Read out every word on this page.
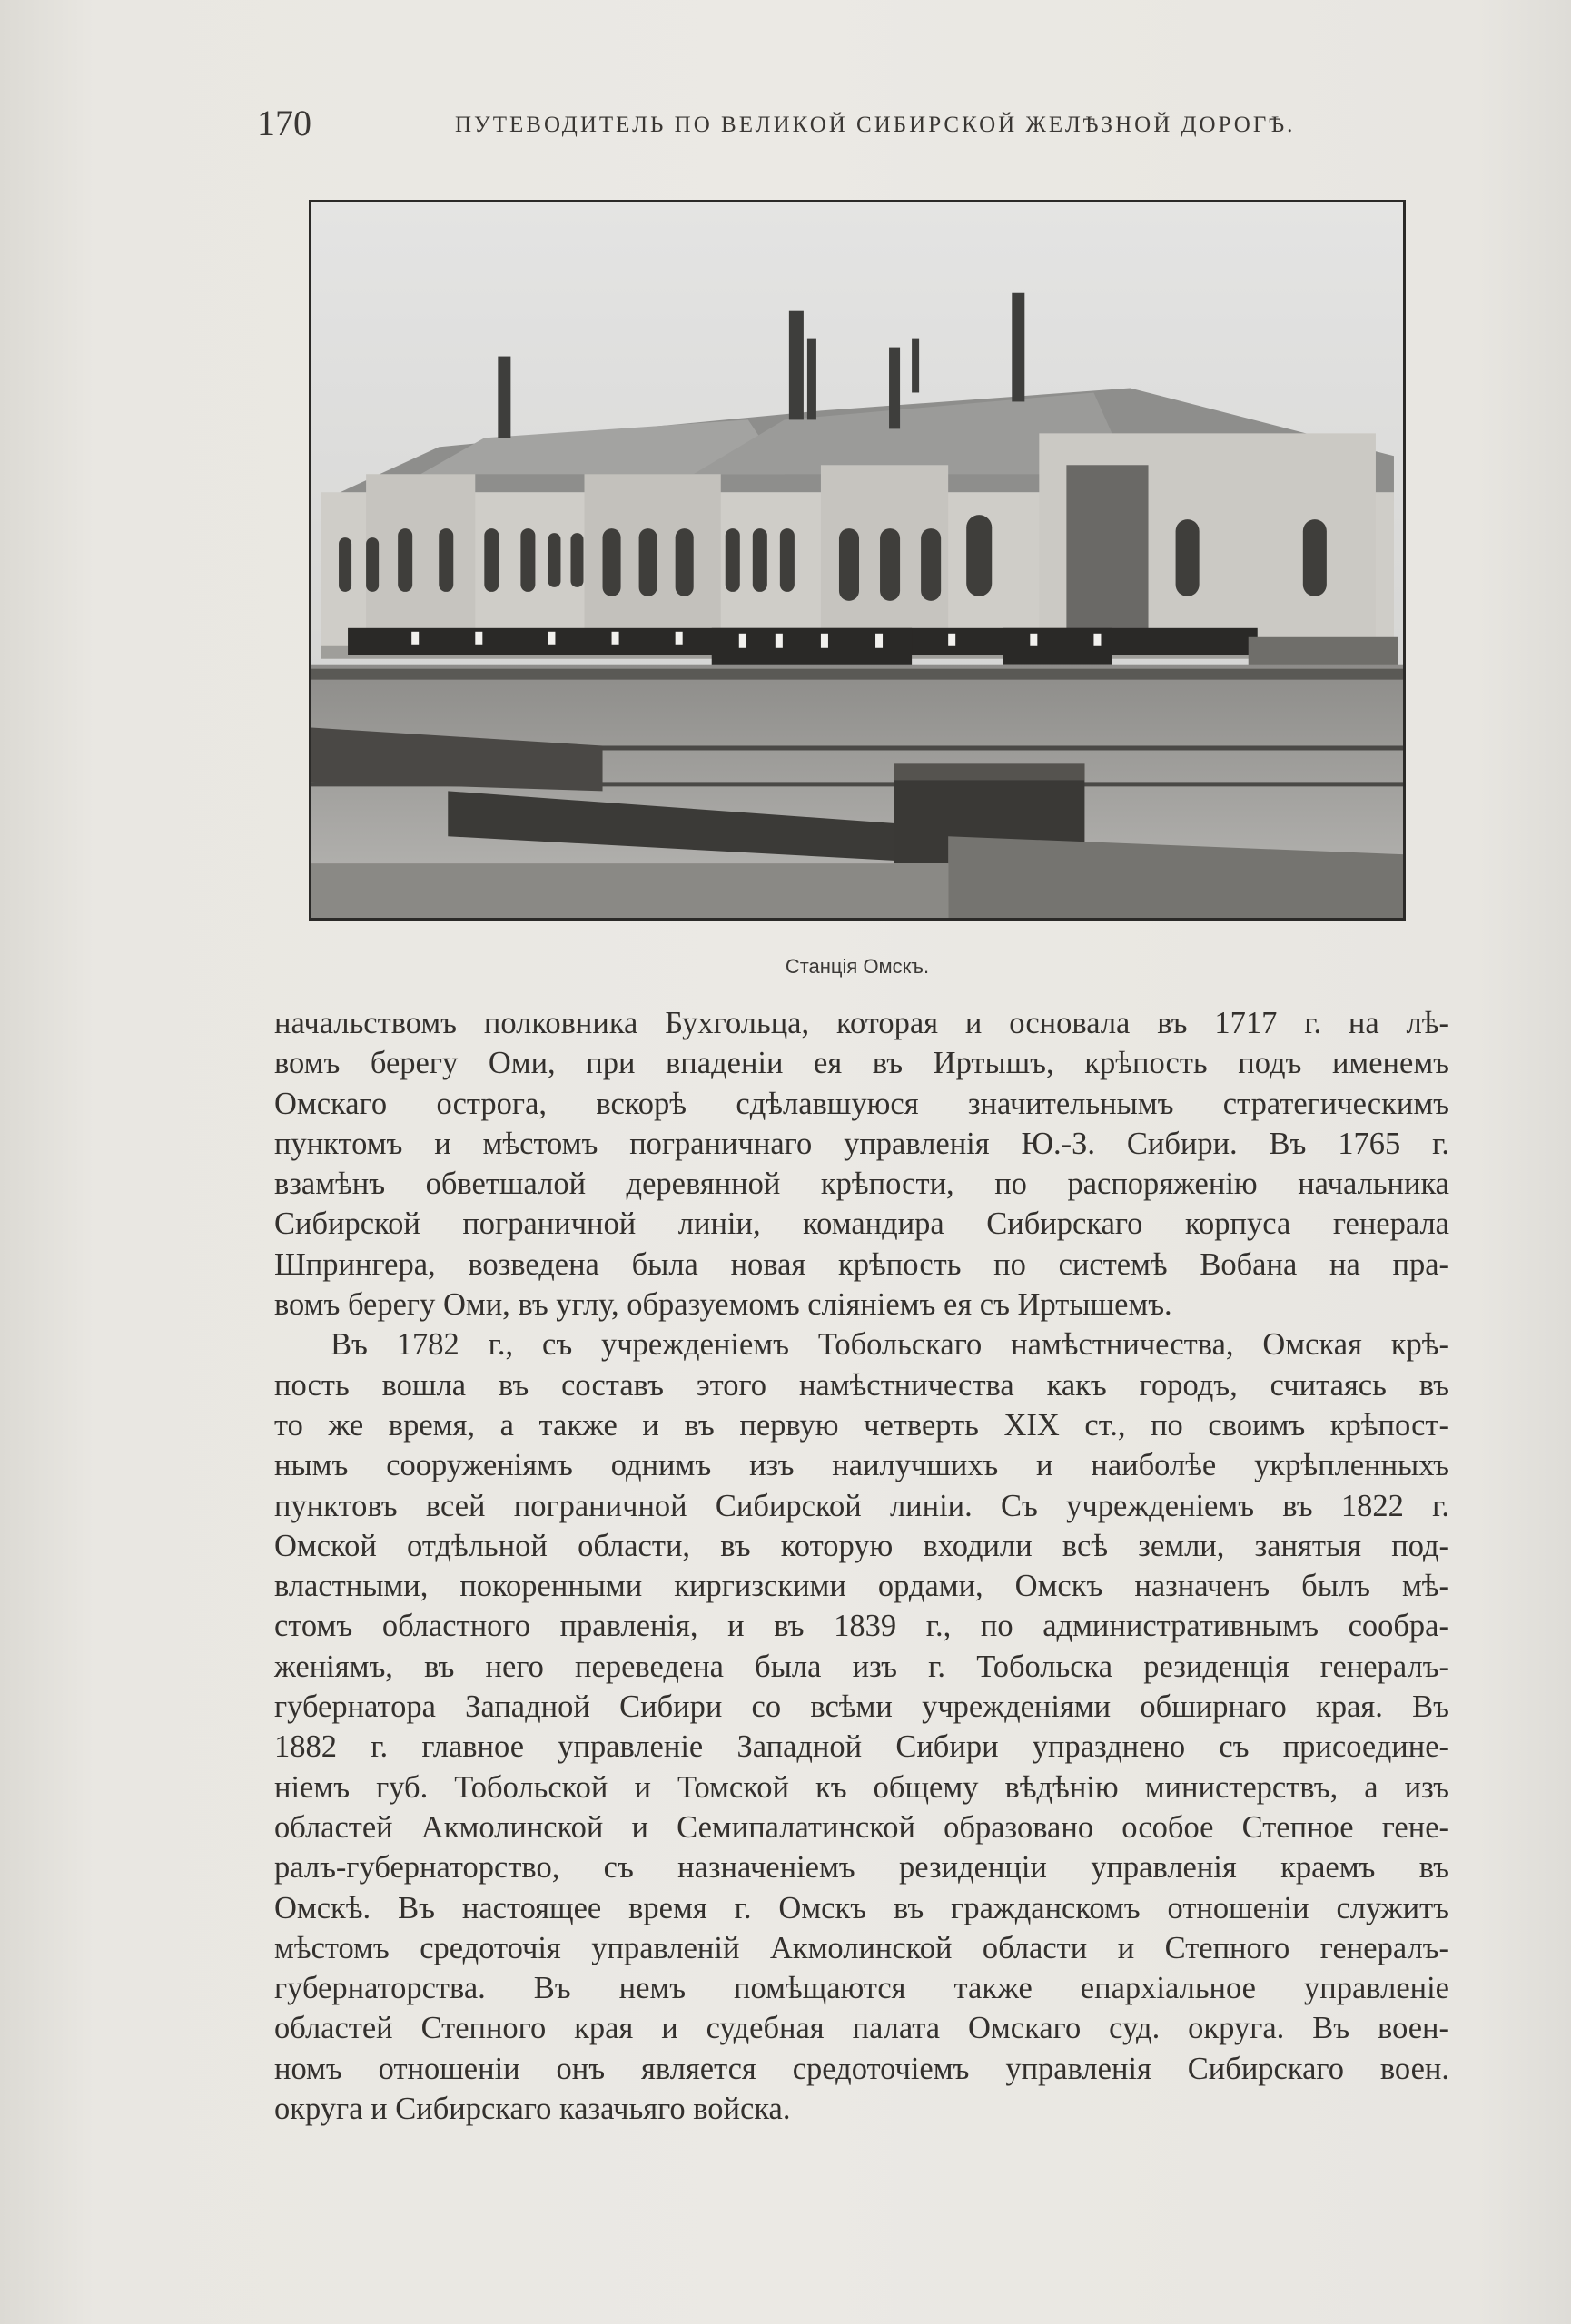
170	ПУТЕВОДИТЕЛЬ ПО ВЕЛИКОЙ СИБИРСКОЙ ЖЕЛѢЗНОЙ ДОРОГѢ.
Станція Омскъ.
начальствомъ полковника Бухгольца, которая и основала въ 1717 г. на лѣ-
вомъ берегу Оми, при впаденіи ея въ Иртышъ, крѣпость подъ именемъ
Омскаго острога, вскорѣ сдѣлавшуюся значительнымъ стратегическимъ
пунктомъ и мѣстомъ пограничнаго управленія Ю.-З. Сибири. Въ 1765 г.
взамѣнъ обветшалой деревянной крѣпости, по распоряженію начальника
Сибирской пограничной линіи, командира Сибирскаго корпуса генерала
Шпрингера, возведена была новая крѣпость по системѣ Вобана на пра-
вомъ берегу Оми, въ углу, образуемомъ сліяніемъ ея съ Иртышемъ.
Въ 1782 г., съ учрежденіемъ Тобольскаго намѣстничества, Омская крѣ-
пость вошла въ составъ этого намѣстничества какъ городъ, считаясь въ
то же время, а также и въ первую четверть XIX ст., по своимъ крѣпост-
нымъ сооруженіямъ однимъ изъ наилучшихъ и наиболѣе укрѣпленныхъ
пунктовъ всей пограничной Сибирской линіи. Съ учрежденіемъ въ 1822 г.
Омской отдѣльной области, въ которую входили всѣ земли, занятыя под-
властными, покоренными киргизскими ордами, Омскъ назначенъ былъ мѣ-
стомъ областного правленія, и въ 1839 г., по административнымъ сообра-
женіямъ, въ него переведена была изъ г. Тобольска резиденція генералъ-
губернатора Западной Сибири со всѣми учрежденіями обширнаго края. Въ
1882 г. главное управленіе Западной Сибири упразднено съ присоедине-
ніемъ губ. Тобольской и Томской къ общему вѣдѣнію министерствъ, а изъ
областей Акмолинской и Семипалатинской образовано особое Степное гене-
ралъ-губернаторство, съ назначеніемъ резиденціи управленія краемъ въ
Омскѣ. Въ настоящее время г. Омскъ въ гражданскомъ отношеніи служитъ
мѣстомъ средоточія управленій Акмолинской области и Степного генералъ-
губернаторства. Въ немъ помѣщаются также епархіальное управленіе
областей Степного края и судебная палата Омскаго суд. округа. Въ воен-
номъ отношеніи онъ является средоточіемъ управленія Сибирскаго воен.
округа и Сибирскаго казачьяго войска.
